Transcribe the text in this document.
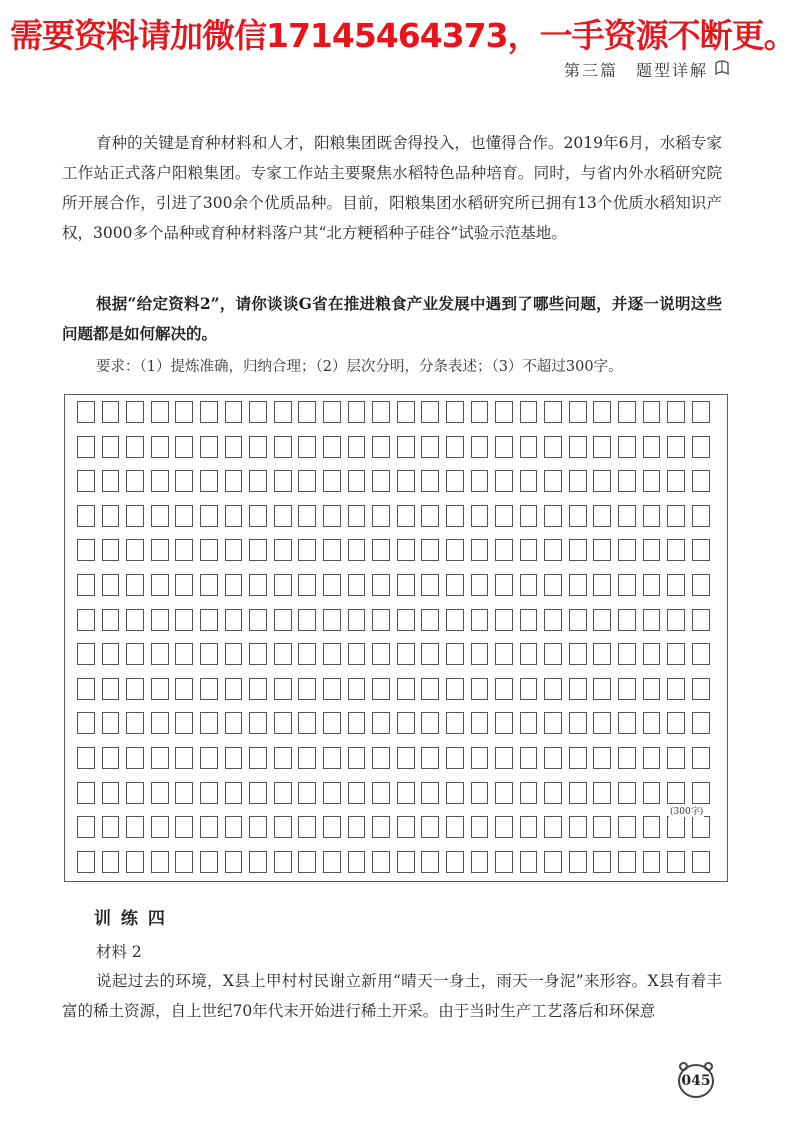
需要资料请加微信17145464373，一手资源不断更。

第三篇　题型详解

育种的关键是育种材料和人才，阳粮集团既舍得投入，也懂得合作。2019年6月，水稻专家工作站正式落户阳粮集团。专家工作站主要聚焦水稻特色品种培育。同时，与省内外水稻研究院所开展合作，引进了300余个优质品种。目前，阳粮集团水稻研究所已拥有13个优质水稻知识产权，3000多个品种或育种材料落户其“北方粳稻种子硅谷”试验示范基地。

根据“给定资料2”，请你谈谈G省在推进粮食产业发展中遇到了哪些问题，并逐一说明这些问题都是如何解决的。

要求：（1）提炼准确，归纳合理；（2）层次分明，分条表述；（3）不超过300字。

(300字)

训 练 四

材料 2

说起过去的环境，X县上甲村村民谢立新用“晴天一身土，雨天一身泥”来形容。X县有着丰富的稀土资源，自上世纪70年代末开始进行稀土开采。由于当时生产工艺落后和环保意

045
